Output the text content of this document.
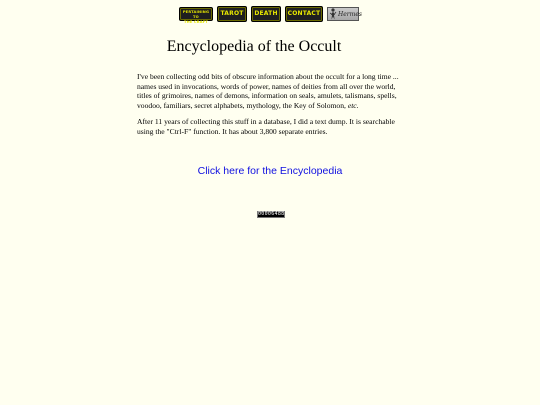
PERTAINING TO
THE CRAFT
TAROT	DEATH	CONTACT	Hermes
Encyclopedia of the Occult

I've been collecting odd bits of obscure information about the occult for a long time ... names used in invocations, words of power, names of deities from all over the world, titles of grimoires, names of demons, information on seals, amulets, talismans, spells, voodoo, familiars, secret alphabets, mythology, the Key of Solomon, etc.

After 11 years of collecting this stuff in a database, I did a text dump. It is searchable using the "Ctrl-F" function. It has about 3,800 separate entries.

Click here for the Encyclopedia
00006488
